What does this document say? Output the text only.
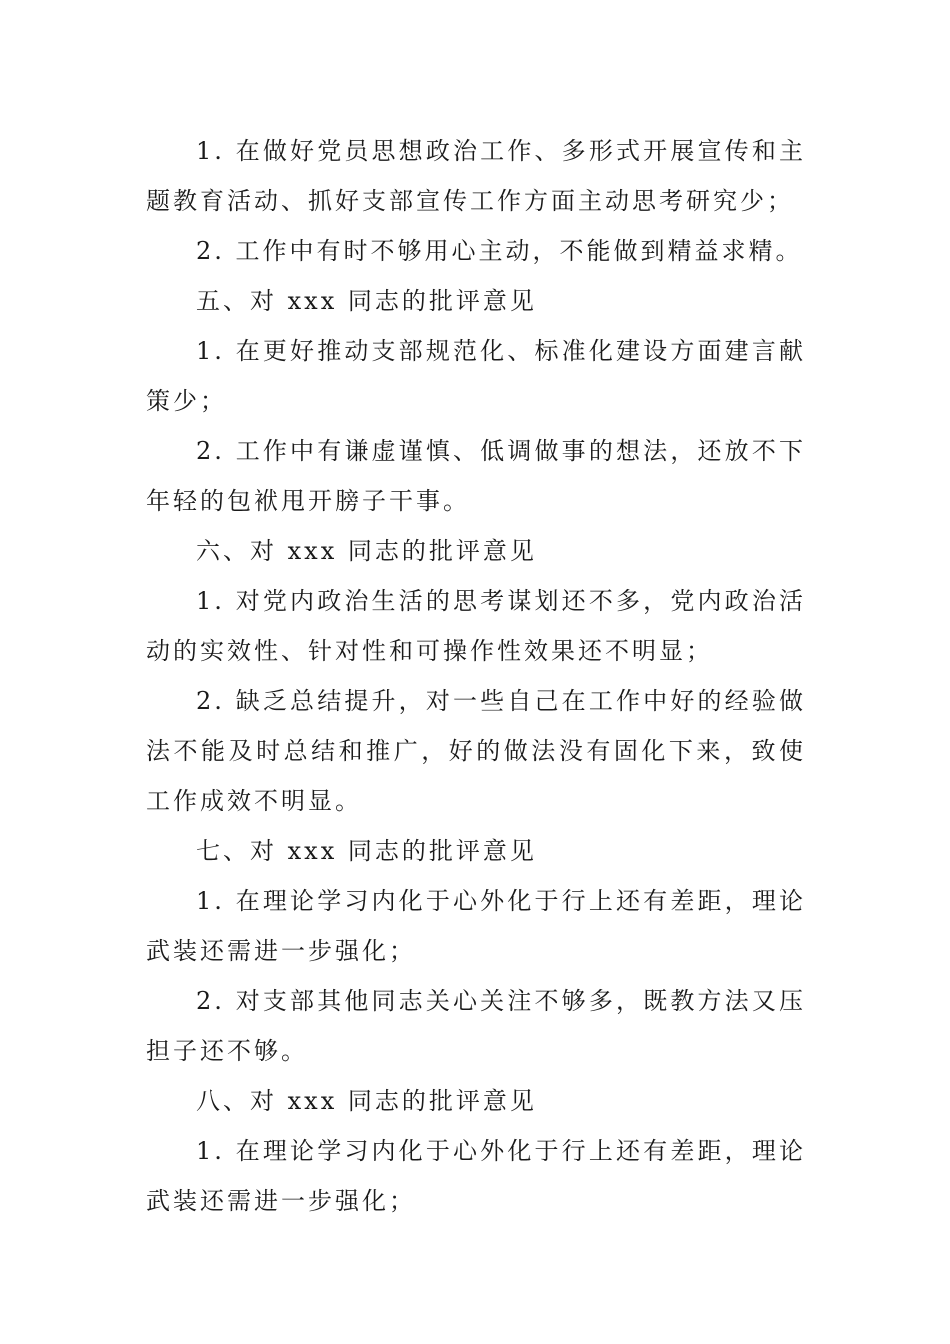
1. 在做好党员思想政治工作、多形式开展宣传和主题教育活动、抓好支部宣传工作方面主动思考研究少；

2. 工作中有时不够用心主动，不能做到精益求精。

五、对 xxx 同志的批评意见

1. 在更好推动支部规范化、标准化建设方面建言献策少；

2. 工作中有谦虚谨慎、低调做事的想法，还放不下年轻的包袱甩开膀子干事。

六、对 xxx 同志的批评意见

1. 对党内政治生活的思考谋划还不多，党内政治活动的实效性、针对性和可操作性效果还不明显；

2. 缺乏总结提升，对一些自己在工作中好的经验做法不能及时总结和推广，好的做法没有固化下来，致使工作成效不明显。

七、对 xxx 同志的批评意见

1. 在理论学习内化于心外化于行上还有差距，理论武装还需进一步强化；

2. 对支部其他同志关心关注不够多，既教方法又压担子还不够。

八、对 xxx 同志的批评意见

1. 在理论学习内化于心外化于行上还有差距，理论武装还需进一步强化；
